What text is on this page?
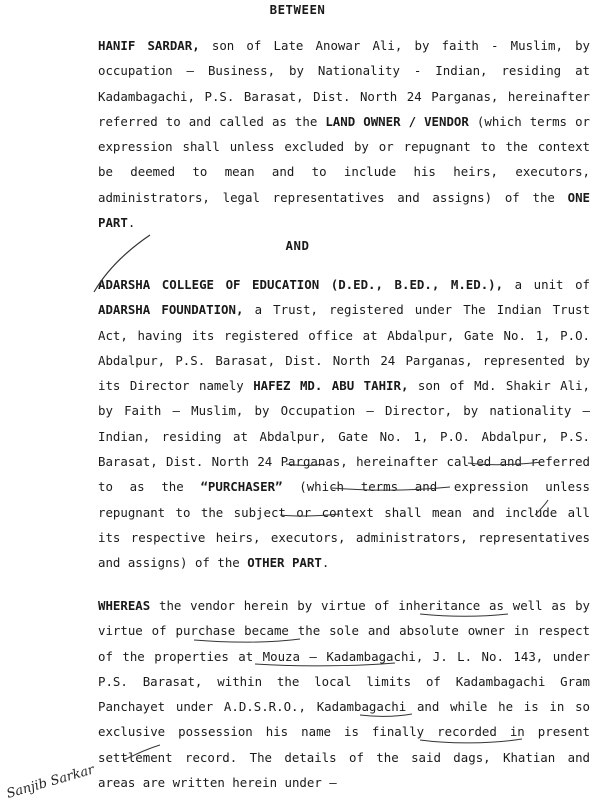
BETWEEN

HANIF SARDAR, son of Late Anowar Ali, by faith - Muslim, by occupation – Business, by Nationality - Indian, residing at Kadambagachi, P.S. Barasat, Dist. North 24 Parganas, hereinafter referred to and called as the LAND OWNER / VENDOR (which terms or expression shall unless excluded by or repugnant to the context be deemed to mean and to include his heirs, executors, administrators, legal representatives and assigns) of the ONE PART.

AND

ADARSHA COLLEGE OF EDUCATION (D.ED., B.ED., M.ED.), a unit of ADARSHA FOUNDATION, a Trust, registered under The Indian Trust Act, having its registered office at Abdalpur, Gate No. 1, P.O. Abdalpur, P.S. Barasat, Dist. North 24 Parganas, represented by its Director namely HAFEZ MD. ABU TAHIR, son of Md. Shakir Ali, by Faith – Muslim, by Occupation – Director, by nationality – Indian, residing at Abdalpur, Gate No. 1, P.O. Abdalpur, P.S. Barasat, Dist. North 24 Parganas, hereinafter called and referred to as the “PURCHASER” (which terms and expression unless repugnant to the subject or context shall mean and include all its respective heirs, executors, administrators, representatives and assigns) of the OTHER PART.

WHEREAS the vendor herein by virtue of inheritance as well as by virtue of purchase became the sole and absolute owner in respect of the properties at Mouza – Kadambagachi, J. L. No. 143, under P.S. Barasat, within the local limits of Kadambagachi Gram Panchayet under A.D.S.R.O., Kadambagachi and while he is in so exclusive possession his name is finally recorded in present settlement record. The details of the said dags, Khatian and areas are written herein under –

Sanjib Sarkar
